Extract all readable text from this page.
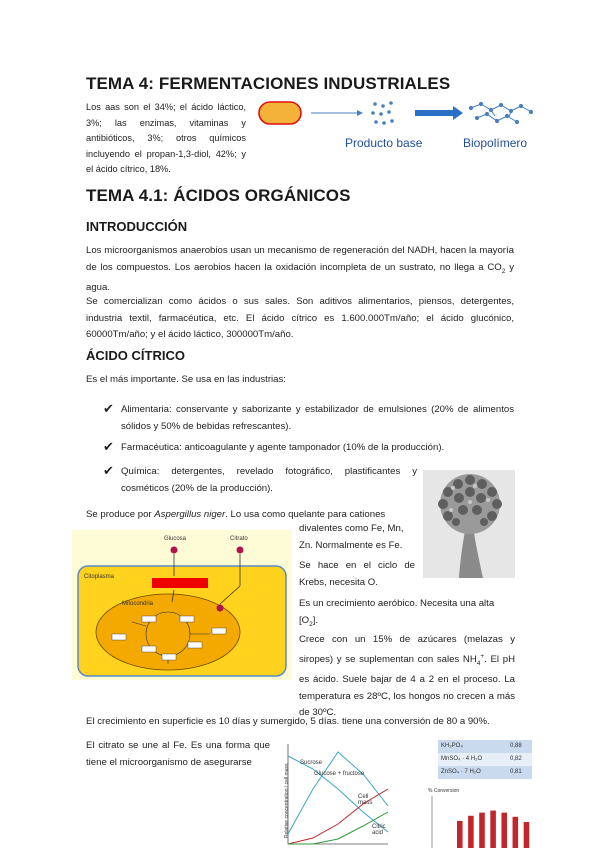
TEMA 4: FERMENTACIONES INDUSTRIALES
Los aas son el 34%; el ácido láctico, 3%; las enzimas, vitaminas y antibióticos, 3%; otros químicos incluyendo el propan-1,3-diol, 42%; y el ácido cítrico, 18%.
Producto base	Biopolímero
TEMA 4.1: ÁCIDOS ORGÁNICOS
INTRODUCCIÓN
Los microorganismos anaerobios usan un mecanismo de regeneración del NADH, hacen la mayoría de los compuestos. Los aerobios hacen la oxidación incompleta de un sustrato, no llega a $CO_2$ y agua.
Se comercializan como ácidos o sus sales. Son aditivos alimentarios, piensos, detergentes, industria textil, farmacéutica, etc. El ácido cítrico es 1.600.000Tm/año; el ácido glucónico, 60000Tm/año; y el ácido láctico, 300000Tm/año.
ÁCIDO CÍTRICO
Es el más importante. Se usa en las industrias:
✔ Alimentaria: conservante y saborizante y estabilizador de emulsiones (20% de alimentos sólidos y 50% de bebidas refrescantes).
✔ Farmacéutica: anticoagulante y agente tamponador (10% de la producción).
✔ Química: detergentes, revelado fotográfico, plastificantes y cosméticos (20% de la producción).
Se produce por Aspergillus niger. Lo usa como quelante para cationes
Citoplasma
Mitocondria
Glucosa	Citrato
divalentes como Fe, Mn, Zn. Normalmente es Fe.
Se hace en el ciclo de Krebs, necesita O.
Es un crecimiento aeróbico. Necesita una alta $[O_2]$.
Crece con un 15% de azúcares (melazas y siropes) y se suplementan con sales $NH_4^+$. El pH es ácido. Suele bajar de 4 a 2 en el proceso. La temperatura es 28ºC, los hongos no crecen a más de 30ºC.
El crecimiento en superficie es 10 días y sumergido, 5 días. tiene una conversión de 80 a 90%.
El citrato se une al Fe. Es una forma que tiene el microorganismo de asegurarse	Sucrose
Glucose + fructose
Cell mass
Citric acid
Relative concentration / cell mass
KH₂PO₄	0,88
MnSO₄ · 4 H₂O	0,82
ZnSO₄ · 7 H₂O	0,81
% Conversion
